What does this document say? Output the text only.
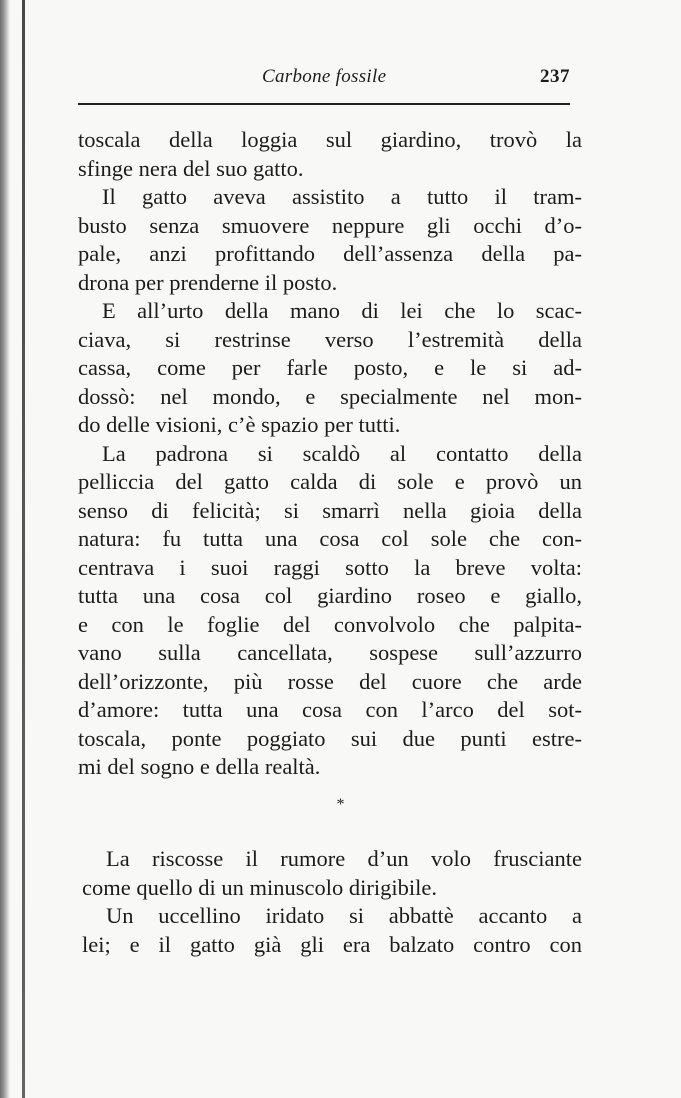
Carbone fossile	237
toscala della loggia sul giardino, trovò la
sfinge nera del suo gatto.
Il gatto aveva assistito a tutto il tram-
busto senza smuovere neppure gli occhi d’o-
pale, anzi profittando dell’assenza della pa-
drona per prenderne il posto.
E all’urto della mano di lei che lo scac-
ciava, si restrinse verso l’estremità della
cassa, come per farle posto, e le si ad-
dossò: nel mondo, e specialmente nel mon-
do delle visioni, c’è spazio per tutti.
La padrona si scaldò al contatto della
pelliccia del gatto calda di sole e provò un
senso di felicità; si smarrì nella gioia della
natura: fu tutta una cosa col sole che con-
centrava i suoi raggi sotto la breve volta:
tutta una cosa col giardino roseo e giallo,
e con le foglie del convolvolo che palpita-
vano sulla cancellata, sospese sull’azzurro
dell’orizzonte, più rosse del cuore che arde
d’amore: tutta una cosa con l’arco del sot-
toscala, ponte poggiato sui due punti estre-
mi del sogno e della realtà.
*
La riscosse il rumore d’un volo frusciante
come quello di un minuscolo dirigibile.
Un uccellino iridato si abbattè accanto a
lei; e il gatto già gli era balzato contro con
